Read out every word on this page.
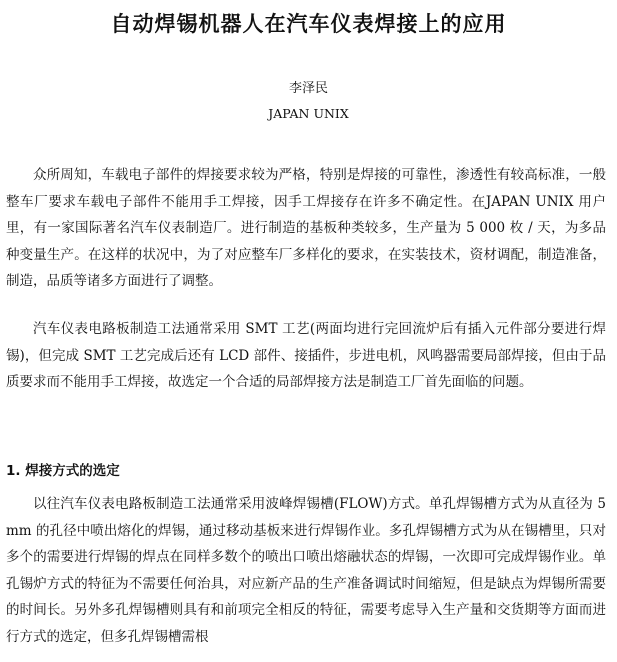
自动焊锡机器人在汽车仪表焊接上的应用
李泽民
JAPAN UNIX

众所周知，车载电子部件的焊接要求较为严格，特别是焊接的可靠性，渗透性有较高标准，一般整车厂要求车载电子部件不能用手工焊接，因手工焊接存在许多不确定性。在JAPAN UNIX 用户里，有一家国际著名汽车仪表制造厂。进行制造的基板种类较多，生产量为 5 000 枚 / 天，为多品种变量生产。在这样的状况中，为了对应整车厂多样化的要求，在实装技术，资材调配，制造准备，制造，品质等诸多方面进行了调整。

汽车仪表电路板制造工法通常采用 SMT 工艺(两面均进行完回流炉后有插入元件部分要进行焊锡)，但完成 SMT 工艺完成后还有 LCD 部件、接插件，步进电机，风鸣器需要局部焊接，但由于品质要求而不能用手工焊接，故选定一个合适的局部焊接方法是制造工厂首先面临的问题。

1. 焊接方式的选定

以往汽车仪表电路板制造工法通常采用波峰焊锡槽(FLOW)方式。单孔焊锡槽方式为从直径为 5 mm 的孔径中喷出熔化的焊锡，通过移动基板来进行焊锡作业。多孔焊锡槽方式为从在锡槽里，只对多个的需要进行焊锡的焊点在同样多数个的喷出口喷出熔融状态的焊锡，一次即可完成焊锡作业。单孔锡炉方式的特征为不需要任何治具，对应新产品的生产准备调试时间缩短，但是缺点为焊锡所需要的时间长。另外多孔焊锡槽则具有和前项完全相反的特征，需要考虑导入生产量和交货期等方面而进行方式的选定，但多孔焊锡槽需根
